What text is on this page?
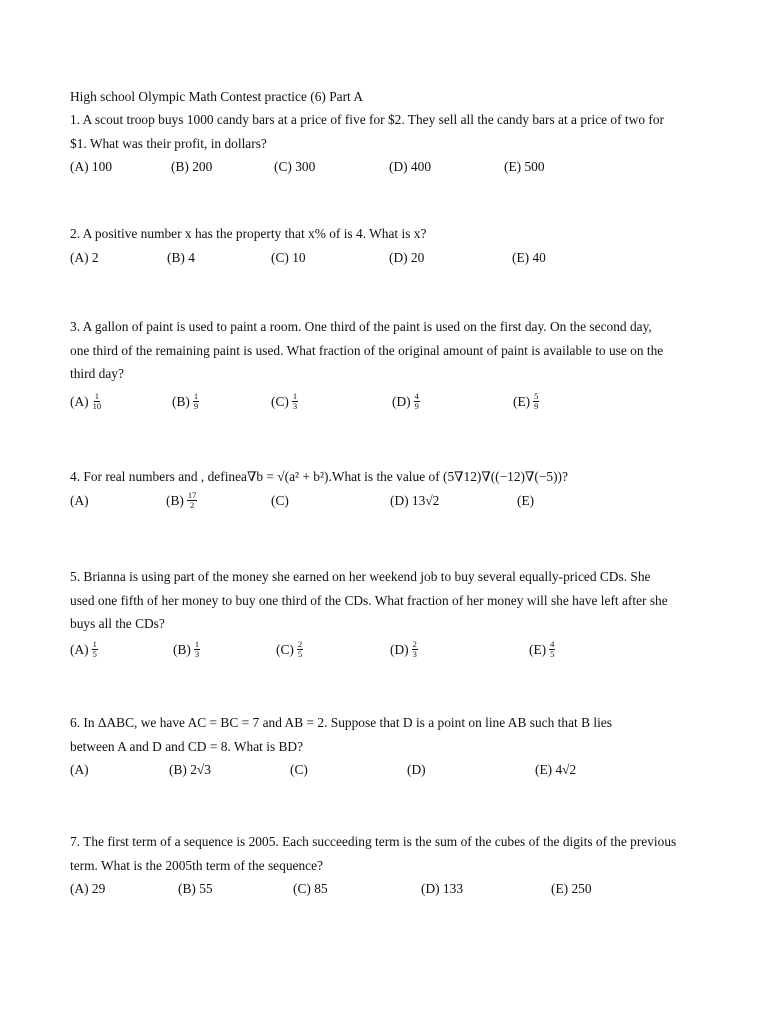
High school Olympic Math Contest practice (6) Part A
1. A scout troop buys 1000 candy bars at a price of five for $2. They sell all the candy bars at a price of two for
$1. What was their profit, in dollars?
(A) 100	(B) 200	(C) 300	(D) 400	(E) 500
2. A positive number x has the property that x% of is 4. What is x?
(A) 2	(B) 4	(C) 10	(D) 20	(E) 40
3. A gallon of paint is used to paint a room. One third of the paint is used on the first day. On the second day,
one third of the remaining paint is used. What fraction of the original amount of paint is available to use on the
third day?
$(A) \frac{1}{10}$	$(B) \frac{1}{9}$	$(C) \frac{1}{3}$	$(D) \frac{4}{9}$	$(E) \frac{5}{9}$
4. For real numbers and , definea∇b = √(a² + b²).What is the value of (5∇12)∇((−12)∇(−5))?
(A)	$(B) \frac{17}{2}$	(C)	(D) 13√2	(E)
5. Brianna is using part of the money she earned on her weekend job to buy several equally-priced CDs. She
used one fifth of her money to buy one third of the CDs. What fraction of her money will she have left after she
buys all the CDs?
$(A) \frac{1}{5}$	$(B) \frac{1}{3}$	$(C) \frac{2}{5}$	$(D) \frac{2}{3}$	$(E) \frac{4}{5}$
6. In ΔABC, we have AC = BC = 7 and AB = 2. Suppose that D is a point on line AB such that B lies
between A and D and CD = 8. What is BD?
(A)	(B) 2√3	(C)	(D)	(E) 4√2
7. The first term of a sequence is 2005. Each succeeding term is the sum of the cubes of the digits of the previous
term. What is the 2005th term of the sequence?
(A) 29	(B) 55	(C) 85	(D) 133	(E) 250
